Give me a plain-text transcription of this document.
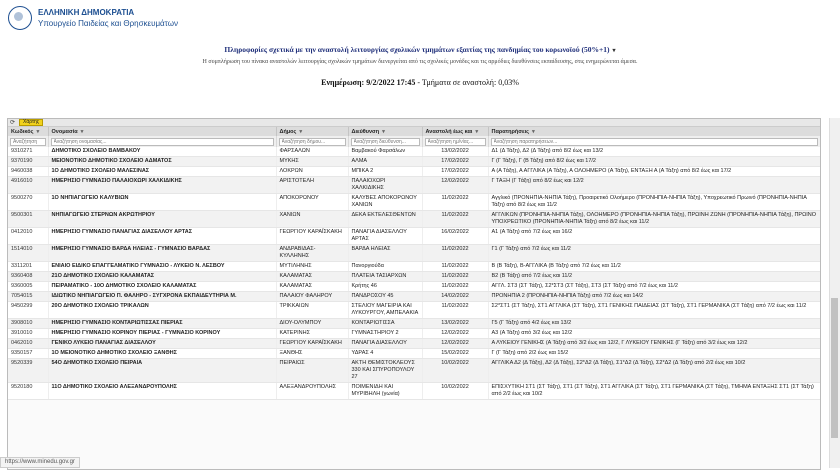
ΕΛΛΗΝΙΚΗ ΔΗΜΟΚΡΑΤΙΑ
Υπουργείο Παιδείας και Θρησκευμάτων
Πληροφορίες σχετικά με την αναστολή λειτουργίας σχολικών τμημάτων εξαιτίας της πανδημίας του κορωνοϊού (50%+1) ▾
Η συμπλήρωση του πίνακα αναστολών λειτουργίας σχολικών τμημάτων διενεργείται από τις σχολικές μονάδες και τις αρμόδιες διευθύνσεις εκπαίδευσης, στις ενημερώνεται άμεσα.
Ενημέρωση: 9/2/2022 17:45 - Τμήματα σε αναστολή: 0,03%
⟳	Χάρτης
Κωδικός ▾	Ονομασία ▾	Δήμος ▾	Διεύθυνση ▾	Αναστολή έως και ▾	Παρατηρήσεις ▾
Αναζήτηση	Αναζήτηση ονομασίας...	Αναζήτηση δήμου...	Αναζήτηση διεύθυνση...	Αναζήτηση ημ/νίας...	Αναζήτηση παρατηρήσεων...
9310271	ΔΗΜΟΤΙΚΟ ΣΧΟΛΕΙΟ ΒΑΜΒΑΚΟΥ	ΦΑΡΣΑΛΩΝ	Βαμβακού Φαρσάλων	13/02/2022	Δ1 (Δ Τάξη), Δ2 (Δ Τάξη) από 8/2 έως και 13/2
9370190	ΜΕΙΟΝΟΤΙΚΟ ΔΗΜΟΤΙΚΟ ΣΧΟΛΕΙΟ ΑΔΜΑΤΟΣ	ΜΥΚΗΣ	ΑΛΜΑ	17/02/2022	Γ (Γ Τάξη), Γ (Β Τάξη) από 8/2 έως και 17/2
9460038	1Ο ΔΗΜΟΤΙΚΟ ΣΧΟΛΕΙΟ ΜΑΛΕΣΙΝΑΣ	ΛΟΚΡΩΝ	ΜΠΙΚΑ 2	17/02/2022	Α (Α Τάξη), Α ΑΓΓΛΙΚΑ (Α Τάξη), Α ΟΛΟΗΜΕΡΟ (Α Τάξη), ΕΝΤΑΞΗ Α (Α Τάξη) από 8/2 έως και 17/2
4916010	ΗΜΕΡΗΣΙΟ ΓΥΜΝΑΣΙΟ ΠΑΛΑΙΟΧΩΡΙ ΧΑΛΚΙΔΙΚΗΣ	ΑΡΙΣΤΟΤΕΛΗ	ΠΑΛΑΙΟΧΩΡΙ ΧΑΛΚΙΔΙΚΗΣ	12/02/2022	Γ ΤΑΞΗ (Γ Τάξη) από 8/2 έως και 12/2
9500270	1Ο ΝΗΠΙΑΓΩΓΕΙΟ ΚΑΛΥΒΙΩΝ	ΑΠΟΚΟΡΩΝΟΥ	ΚΑΛΥΒΕΣ ΑΠΟΚΟΡΩΝΟΥ ΧΑΝΙΩΝ	11/02/2022	Αγγλικό (ΠΡΟΝΗΠΙΑ-ΝΗΠΙΑ Τάξη), Προαιρετικό Ολοήμερο (ΠΡΟΝΗΠΙΑ-ΝΗΠΙΑ Τάξη), Υποχρεωτικό Πρωινό (ΠΡΟΝΗΠΙΑ-ΝΗΠΙΑ Τάξη) από 8/2 έως και 11/2
9500301	ΝΗΠΙΑΓΩΓΕΙΟ ΣΤΕΡΝΩΝ ΑΚΡΩΤΗΡΙΟΥ	ΧΑΝΙΩΝ	ΔΕΚΑ ΕΚΤΕΛΕΣΘΕΝΤΩΝ	11/02/2022	ΑΓΓΛΙΚΩΝ (ΠΡΟΝΗΠΙΑ-ΝΗΠΙΑ Τάξη), ΟΛΟΗΜΕΡΟ (ΠΡΟΝΗΠΙΑ-ΝΗΠΙΑ Τάξη), ΠΡΩΙΝΗ ΖΩΝΗ (ΠΡΟΝΗΠΙΑ-ΝΗΠΙΑ Τάξη), ΠΡΩΙΝΟ ΥΠΟΧΡΕΩΤΙΚΟ (ΠΡΟΝΗΠΙΑ-ΝΗΠΙΑ Τάξη) από 8/2 έως και 11/2
0412010	ΗΜΕΡΗΣΙΟ ΓΥΜΝΑΣΙΟ ΠΑΝΑΓΙΑΣ ΔΙΑΣΕΛΛΟΥ ΑΡΤΑΣ	ΓΕΩΡΓΙΟΥ ΚΑΡΑΪΣΚΑΚΗ	ΠΑΝΑΓΙΑ ΔΙΑΣΕΛΛΟΥ ΑΡΤΑΣ	16/02/2022	Α1 (Α Τάξη) από 7/2 έως και 16/2
1514010	ΗΜΕΡΗΣΙΟ ΓΥΜΝΑΣΙΟ ΒΑΡΔΑ ΗΛΕΙΑΣ - ΓΥΜΝΑΣΙΟ ΒΑΡΔΑΣ	ΑΝΔΡΑΒΙΔΑΣ-ΚΥΛΛΗΝΗΣ	ΒΑΡΔΑ ΗΛΕΙΑΣ	11/02/2022	Γ1 (Γ Τάξη) από 7/2 έως και 11/2
3311201	ΕΝΙΑΙΟ ΕΙΔΙΚΟ ΕΠΑΓΓΕΛΜΑΤΙΚΟ ΓΥΜΝΑΣΙΟ - ΛΥΚΕΙΟ Ν. ΛΕΣΒΟΥ	ΜΥΤΙΛΗΝΗΣ	Πανοργιούδα	11/02/2022	Β (Β Τάξη), Β-ΑΓΓΛΙΚΑ (Β Τάξη) από 7/2 έως και 11/2
9360408	21Ο ΔΗΜΟΤΙΚΟ ΣΧΟΛΕΙΟ ΚΑΛΑΜΑΤΑΣ	ΚΑΛΑΜΑΤΑΣ	ΠΛΑΤΕΙΑ ΤΑΣΙΑΡΧΩΝ	11/02/2022	Β2 (Β Τάξη) από 7/2 έως και 11/2
9360005	ΠΕΙΡΑΜΑΤΙΚΟ - 10Ο ΔΗΜΟΤΙΚΟ ΣΧΟΛΕΙΟ ΚΑΛΑΜΑΤΑΣ	ΚΑΛΑΜΑΤΑΣ	Κρήτης 46	11/02/2022	ΑΓΓΛ. ΣΤ3 (ΣΤ Τάξη), Σ2*ΣΤ3 (ΣΤ Τάξη), ΣΤ3 (ΣΤ Τάξη) από 7/2 έως και 11/2
7054015	ΙΔΙΩΤΙΚΟ ΝΗΠΙΑΓΩΓΕΙΟ Π. ΦΑΛΗΡΟ - ΣΥΓΧΡΟΝΑ ΕΚΠΑΙΔΕΥΤΗΡΙΑ Μ.	ΠΑΛΑΙΟΥ ΦΑΛΗΡΟΥ	ΠΑΝΔΡΟΣΟΥ 45	14/02/2022	ΠΡΟΝΗΠΙΑ 2 (ΠΡΟΝΗΠΙΑ-ΝΗΠΙΑ Τάξη) από 7/2 έως και 14/2
9450299	20Ο ΔΗΜΟΤΙΚΟ ΣΧΟΛΕΙΟ ΤΡΙΚΑΛΩΝ	ΤΡΙΚΚΑΙΩΝ	ΣΤΕΛΙΟΥ ΜΑΓΕΙΡΙΑ ΚΑΙ ΛΥΚΟΥΡΓΟΥ, ΑΜΠΕΛΑΚΙΑ	11/02/2022	Σ2*ΣΤ1 (ΣΤ Τάξη), ΣΤ1 ΑΓΓΛΙΚΑ (ΣΤ Τάξη), ΣΤ1 ΓΕΝΙΚΗΣ ΠΑΙΔΕΙΑΣ (ΣΤ Τάξη), ΣΤ1 ΓΕΡΜΑΝΙΚΑ (ΣΤ Τάξη) από 7/2 έως και 11/2
3908010	ΗΜΕΡΗΣΙΟ ΓΥΜΝΑΣΙΟ ΚΟΝΤΑΡΙΩΤΙΣΣΑΣ ΠΙΕΡΙΑΣ	ΔΙΟΥ-ΟΛΥΜΠΟΥ	ΚΟΝΤΑΡΙΩΤΙΣΣΑ	13/02/2022	Γ5 (Γ Τάξη) από 4/2 έως και 13/2
3910010	ΗΜΕΡΗΣΙΟ ΓΥΜΝΑΣΙΟ ΚΟΡΙΝΟΥ ΠΙΕΡΙΑΣ - ΓΥΜΝΑΣΙΟ ΚΟΡΙΝΟΥ	ΚΑΤΕΡΙΝΗΣ	ΓΥΜΝΑΣΤΗΡΙΟΥ 2	12/02/2022	Α3 (Α Τάξη) από 3/2 έως και 12/2
0462010	ΓΕΝΙΚΟ ΛΥΚΕΙΟ ΠΑΝΑΓΙΑΣ ΔΙΑΣΕΛΛΟΥ	ΓΕΩΡΓΙΟΥ ΚΑΡΑΪΣΚΑΚΗ	ΠΑΝΑΓΙΑ ΔΙΑΣΕΛΛΟΥ	12/02/2022	Α ΛΥΚΕΙΟΥ ΓΕΝΙΚΗΣ (Α Τάξη) από 3/2 έως και 12/2, Γ ΛΥΚΕΙΟΥ ΓΕΝΙΚΗΣ (Γ Τάξη) από 3/2 έως και 12/2
9350157	1Ο ΜΕΙΟΝΟΤΙΚΟ ΔΗΜΟΤΙΚΟ ΣΧΟΛΕΙΟ ΞΑΝΘΗΣ	ΞΑΝΘΗΣ	ΥΔΡΑΣ 4	15/02/2022	Γ (Γ Τάξη) από 2/2 έως και 15/2
9520339	54Ο ΔΗΜΟΤΙΚΟ ΣΧΟΛΕΙΟ ΠΕΙΡΑΙΑ	ΠΕΙΡΑΙΩΣ	ΑΚΤΗ ΘΕΜΙΣΤΟΚΛΕΟΥΣ 330 ΚΑΙ ΣΠΥΡΟΠΟΥΛΟΥ 27	10/02/2022	ΑΓΓΛΙΚΑ Δ2 (Δ Τάξη), Δ2 (Δ Τάξη), Σ2*Δ2 (Δ Τάξη), Σ1*Δ2 (Δ Τάξη), Σ2*Δ2 (Δ Τάξη) από 2/2 έως και 10/2
9520180	11Ο ΔΗΜΟΤΙΚΟ ΣΧΟΛΕΙΟ ΑΛΕΞΑΝΔΡΟΥΠΟΛΗΣ	ΑΛΕΞΑΝΔΡΟΥΠΟΛΗΣ	ΠΟΙΜΕΝΙΔΗ ΚΑΙ ΜΥΡΙΒΗΛΗ (γωνία)	10/02/2022	ΕΠΙΣΧΥΤΙΚΗ ΣΤ1 (ΣΤ Τάξη), ΣΤ1 (ΣΤ Τάξη), ΣΤ1 ΑΓΓΛΙΚΑ (ΣΤ Τάξη), ΣΤ1 ΓΕΡΜΑΝΙΚΑ (ΣΤ Τάξη), ΤΜΗΜΑ ΕΝΤΑΞΗΣ ΣΤ1 (ΣΤ Τάξη) από 2/2 έως και 10/2
https://www.minedu.gov.gr
